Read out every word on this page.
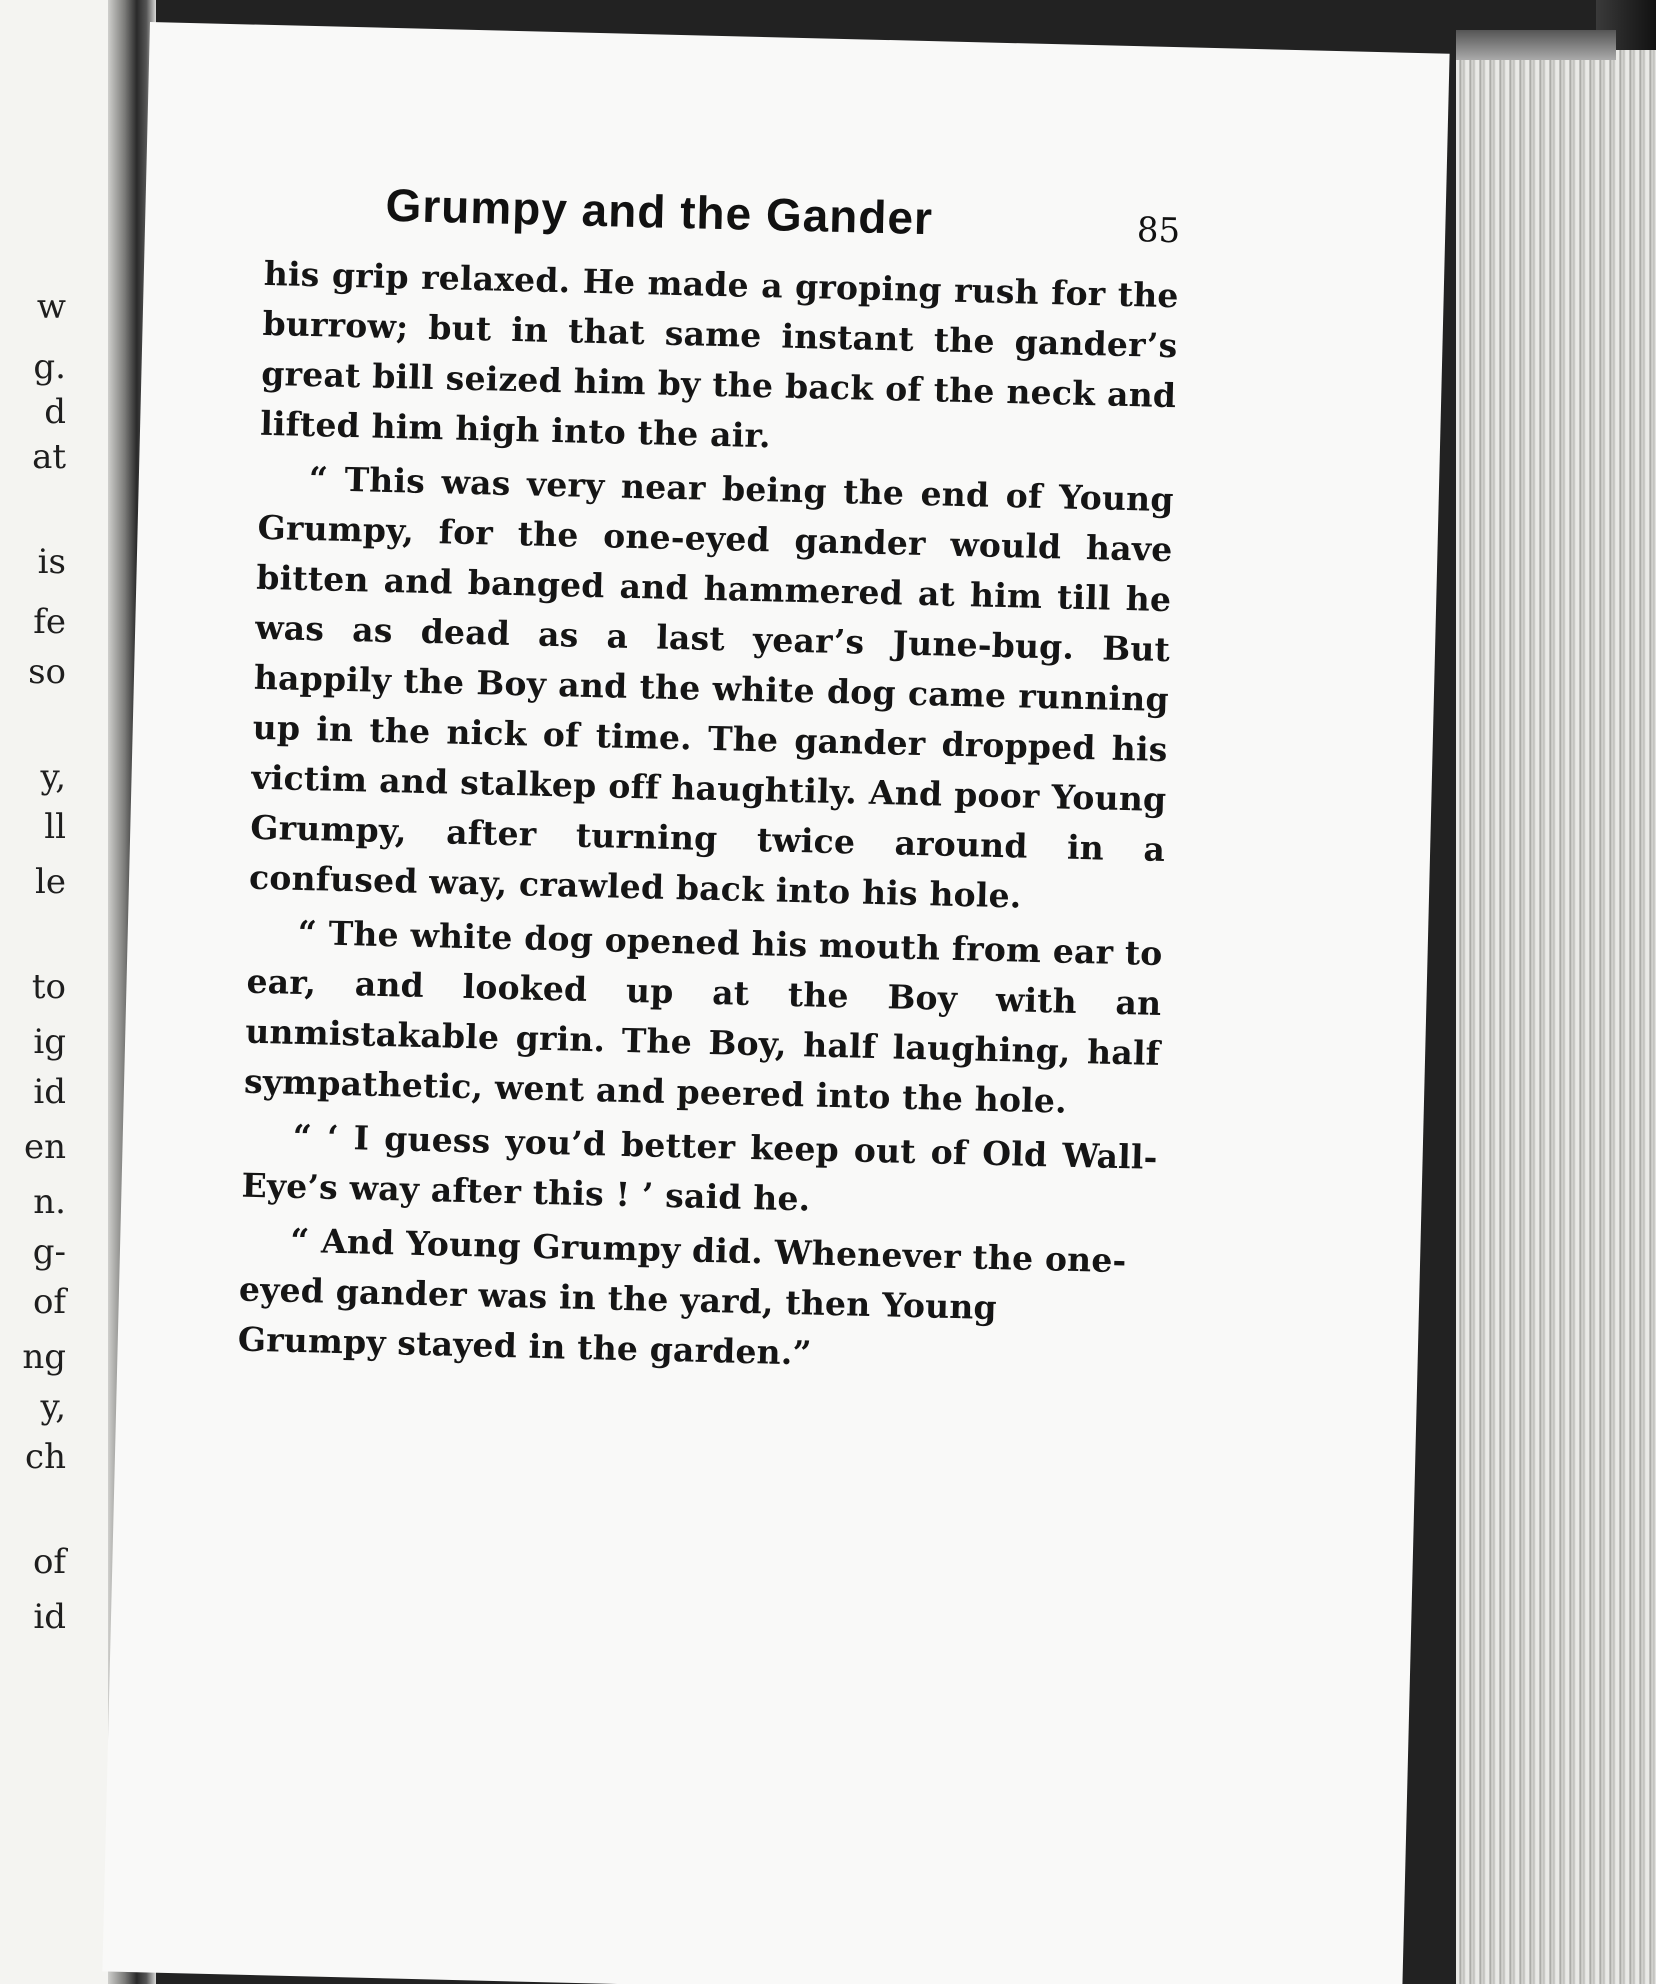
w
g.
d
at
is
fe
so
y,
ll
le
to
ig
id
en
n.
g-
of
ng
y,
ch
of
id
Grumpy and the Gander	85

his grip relaxed. He made a groping rush for the burrow; but in that same instant the gander’s great bill seized him by the back of the neck and lifted him high into the air.

“ This was very near being the end of Young Grumpy, for the one-eyed gander would have bitten and banged and hammered at him till he was as dead as a last year’s June-bug. But happily the Boy and the white dog came running up in the nick of time. The gander dropped his victim and stalkep off haughtily. And poor Young Grumpy, after turning twice around in a confused way, crawled back into his hole.

“ The white dog opened his mouth from ear to ear, and looked up at the Boy with an unmistakable grin. The Boy, half laughing, half sympathetic, went and peered into the hole.

“ ‘ I guess you’d better keep out of Old Wall-Eye’s way after this ! ’ said he.

“ And Young Grumpy did. Whenever the one-eyed gander was in the yard, then Young Grumpy stayed in the garden.”
